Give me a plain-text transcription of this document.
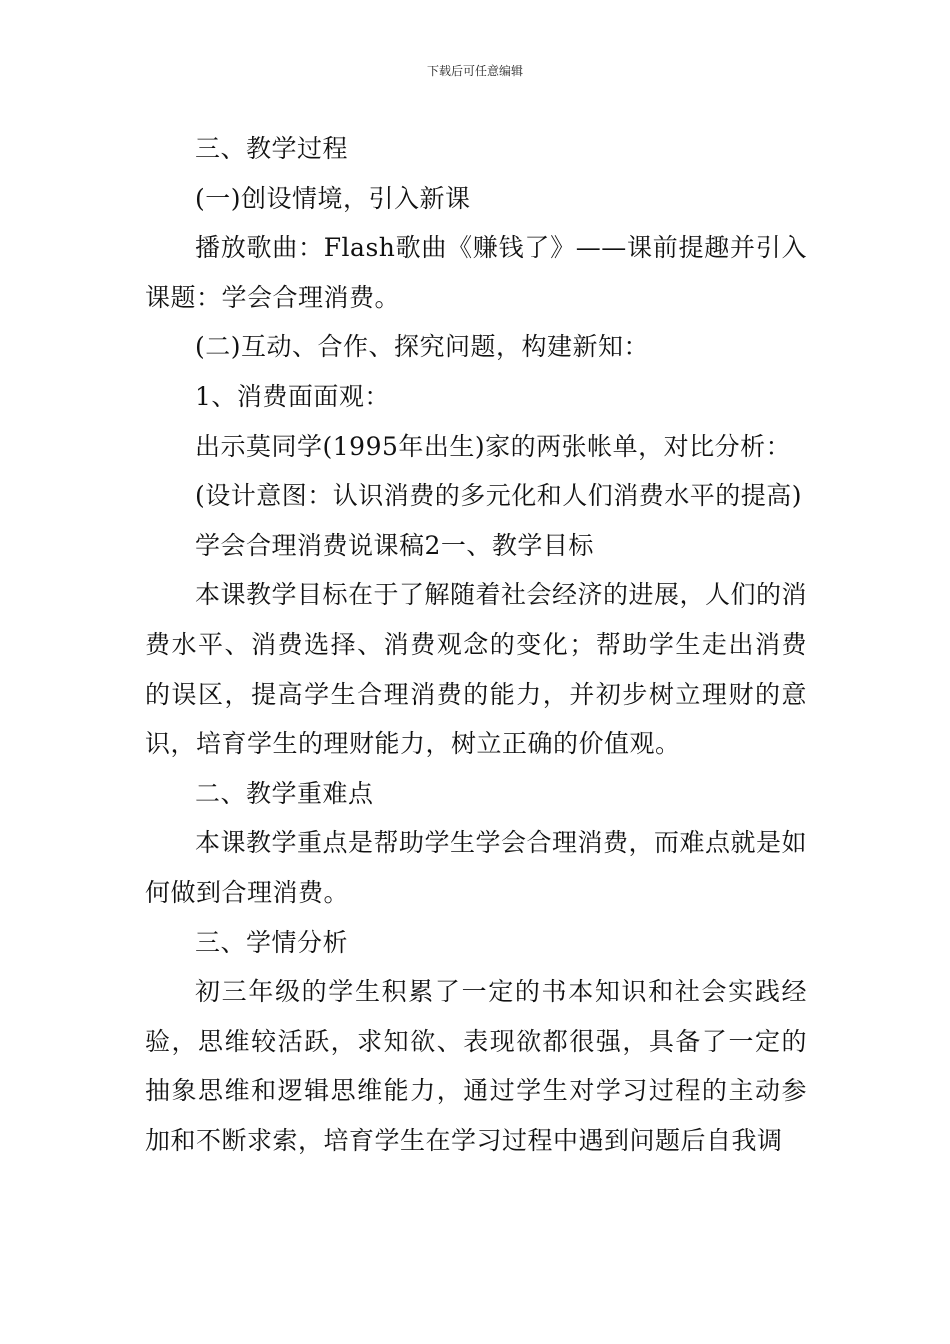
下载后可任意编辑

三、教学过程

(一)创设情境，引入新课

播放歌曲：Flash歌曲《赚钱了》——课前提趣并引入课题：学会合理消费。

(二)互动、合作、探究问题，构建新知：

1、消费面面观：

出示莫同学(1995年出生)家的两张帐单，对比分析：

(设计意图：认识消费的多元化和人们消费水平的提高)

学会合理消费说课稿2一、教学目标

本课教学目标在于了解随着社会经济的进展，人们的消费水平、消费选择、消费观念的变化；帮助学生走出消费的误区，提高学生合理消费的能力，并初步树立理财的意识，培育学生的理财能力，树立正确的价值观。

二、教学重难点

本课教学重点是帮助学生学会合理消费，而难点就是如何做到合理消费。

三、学情分析

初三年级的学生积累了一定的书本知识和社会实践经验，思维较活跃，求知欲、表现欲都很强，具备了一定的抽象思维和逻辑思维能力，通过学生对学习过程的主动参加和不断求索，培育学生在学习过程中遇到问题后自我调
